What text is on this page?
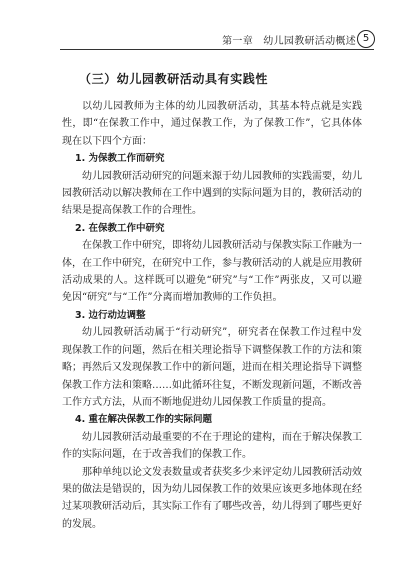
第一章　幼儿园教研活动概述 5
（三）幼儿园教研活动具有实践性

以幼儿园教师为主体的幼儿园教研活动，其基本特点就是实践性，即“在保教工作中，通过保教工作，为了保教工作”，它具体体现在以下四个方面：

1. 为保教工作而研究

幼儿园教研活动研究的问题来源于幼儿园教师的实践需要，幼儿园教研活动以解决教师在工作中遇到的实际问题为目的，教研活动的结果是提高保教工作的合理性。

2. 在保教工作中研究

在保教工作中研究，即将幼儿园教研活动与保教实际工作融为一体，在工作中研究，在研究中工作，参与教研活动的人就是应用教研活动成果的人。这样既可以避免“研究”与“工作”两张皮，又可以避免因“研究”与“工作”分离而增加教师的工作负担。

3. 边行动边调整

幼儿园教研活动属于“行动研究”，研究者在保教工作过程中发现保教工作的问题，然后在相关理论指导下调整保教工作的方法和策略；再然后又发现保教工作中的新问题，进而在相关理论指导下调整保教工作方法和策略……如此循环往复，不断发现新问题，不断改善工作方式方法，从而不断地促进幼儿园保教工作质量的提高。

4. 重在解决保教工作的实际问题

幼儿园教研活动最重要的不在于理论的建构，而在于解决保教工作的实际问题，在于改善我们的保教工作。

那种单纯以论文发表数量或者获奖多少来评定幼儿园教研活动效果的做法是错误的，因为幼儿园保教工作的效果应该更多地体现在经过某项教研活动后，其实际工作有了哪些改善，幼儿得到了哪些更好的发展。
